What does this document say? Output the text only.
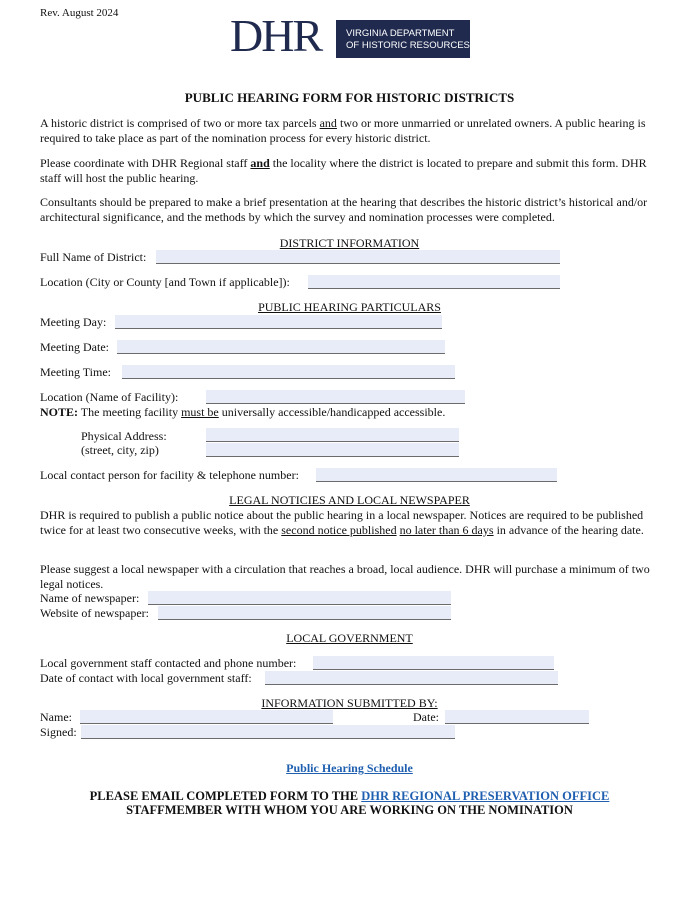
Rev. August 2024 DHR	VIRGINIA DEPARTMENT
OF HISTORIC RESOURCES
PUBLIC HEARING FORM FOR HISTORIC DISTRICTS
A historic district is comprised of two or more tax parcels and two or more unmarried or unrelated owners. A public hearing is required to take place as part of the nomination process for every historic district.
Please coordinate with DHR Regional staff and the locality where the district is located to prepare and submit this form. DHR staff will host the public hearing.
Consultants should be prepared to make a brief presentation at the hearing that describes the historic district’s historical and/or architectural significance, and the methods by which the survey and nomination processes were completed.
DISTRICT INFORMATION
Full Name of District:
Location (City or County [and Town if applicable]):
PUBLIC HEARING PARTICULARS
Meeting Day:
Meeting Date:
Meeting Time:
Location (Name of Facility):
NOTE: The meeting facility must be universally accessible/handicapped accessible.
Physical Address:
(street, city, zip)
Local contact person for facility & telephone number:
LEGAL NOTICIES AND LOCAL NEWSPAPER
DHR is required to publish a public notice about the public hearing in a local newspaper. Notices are required to be published twice for at least two consecutive weeks, with the second notice published no later than 6 days in advance of the hearing date.
Please suggest a local newspaper with a circulation that reaches a broad, local audience. DHR will purchase a minimum of two legal notices.
Name of newspaper:
Website of newspaper:
LOCAL GOVERNMENT
Local government staff contacted and phone number:
Date of contact with local government staff:
INFORMATION SUBMITTED BY:
Name:	Date:
Signed:
Public Hearing Schedule
PLEASE EMAIL COMPLETED FORM TO THE DHR REGIONAL PRESERVATION OFFICE
STAFFMEMBER WITH WHOM YOU ARE WORKING ON THE NOMINATION
